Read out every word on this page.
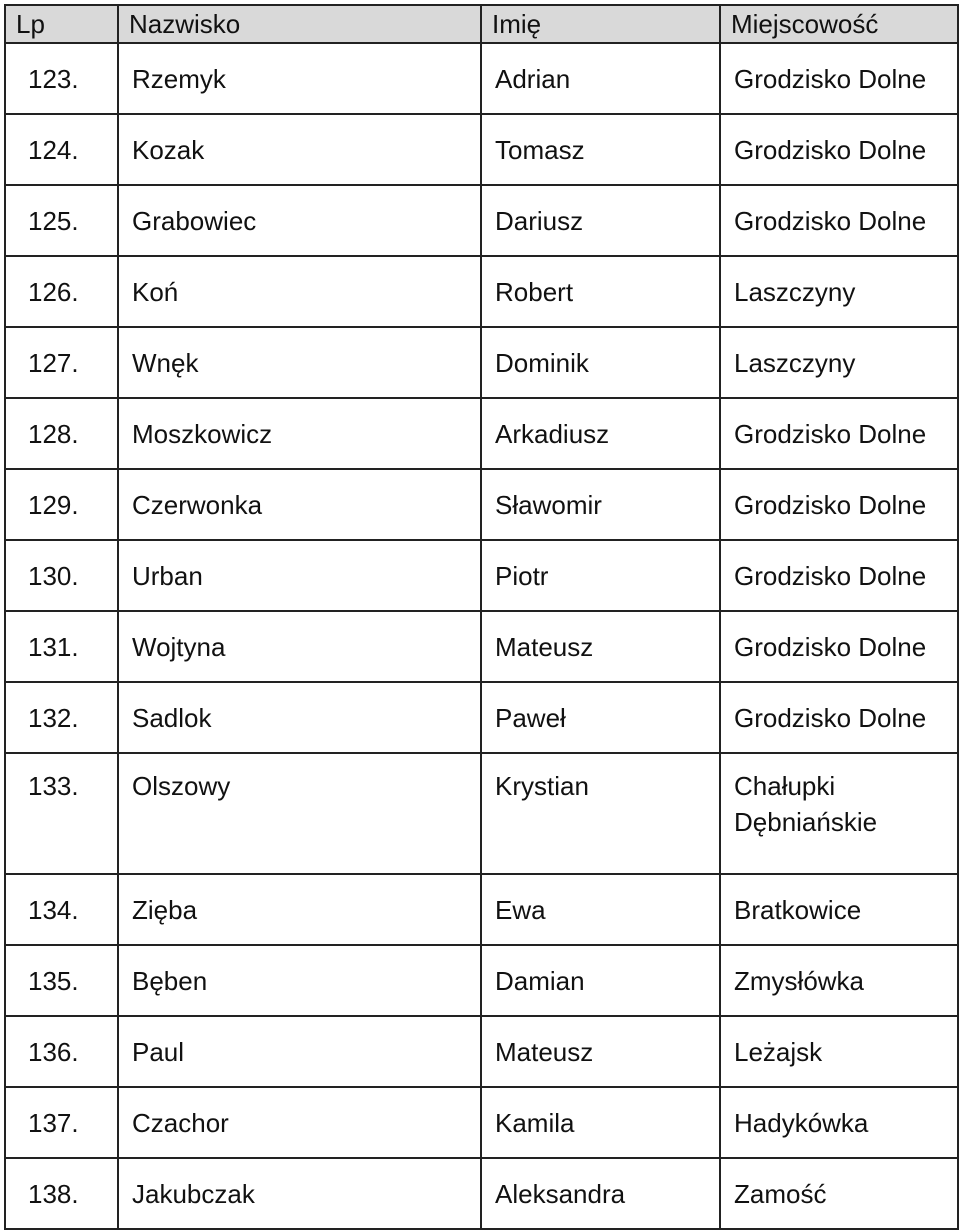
Lp	Nazwisko	Imię	Miejscowość
123.	Rzemyk	Adrian	Grodzisko Dolne
124.	Kozak	Tomasz	Grodzisko Dolne
125.	Grabowiec	Dariusz	Grodzisko Dolne
126.	Koń	Robert	Laszczyny
127.	Wnęk	Dominik	Laszczyny
128.	Moszkowicz	Arkadiusz	Grodzisko Dolne
129.	Czerwonka	Sławomir	Grodzisko Dolne
130.	Urban	Piotr	Grodzisko Dolne
131.	Wojtyna	Mateusz	Grodzisko Dolne
132.	Sadlok	Paweł	Grodzisko Dolne
133.	Olszowy	Krystian	Chałupki Dębniańskie
134.	Zięba	Ewa	Bratkowice
135.	Bęben	Damian	Zmysłówka
136.	Paul	Mateusz	Leżajsk
137.	Czachor	Kamila	Hadykówka
138.	Jakubczak	Aleksandra	Zamość
